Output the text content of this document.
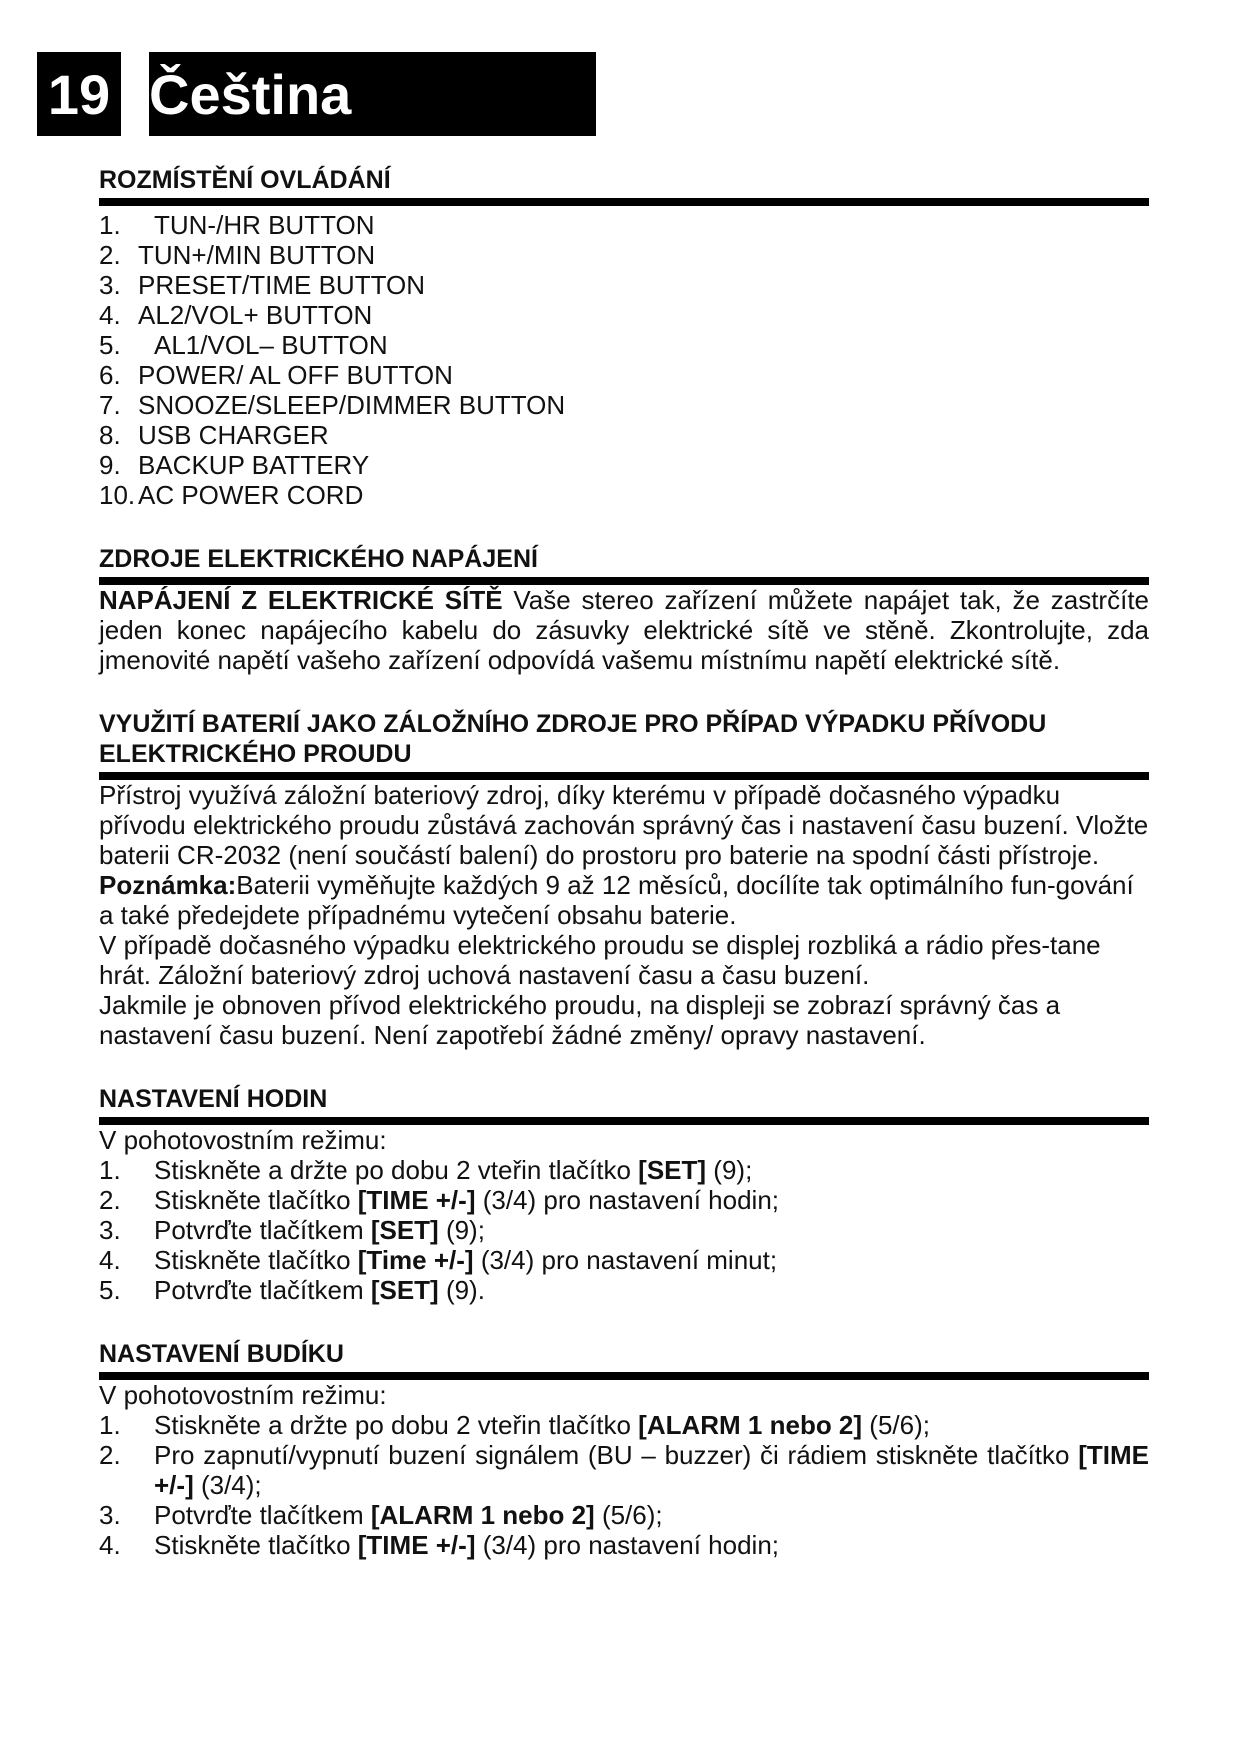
19 Čeština
ROZMÍSTĚNÍ OVLÁDÁNÍ
1.	TUN-/HR BUTTON
2. TUN+/MIN BUTTON
3. PRESET/TIME BUTTON
4. AL2/VOL+ BUTTON
5.	AL1/VOL– BUTTON
6. POWER/ AL OFF BUTTON
7. SNOOZE/SLEEP/DIMMER BUTTON
8. USB CHARGER
9. BACKUP BATTERY
10. AC POWER CORD
ZDROJE ELEKTRICKÉHO NAPÁJENÍ

NAPÁJENÍ Z ELEKTRICKÉ SÍTĚ Vaše stereo zařízení můžete napájet tak, že zastrčíte jeden konec napájecího kabelu do zásuvky elektrické sítě ve stěně. Zkontrolujte, zda jmenovité napětí vašeho zařízení odpovídá vašemu místnímu napětí elektrické sítě.

VYUŽITÍ BATERIÍ JAKO ZÁLOŽNÍHO ZDROJE PRO PŘÍPAD VÝPADKU PŘÍVODU ELEKTRICKÉHO PROUDU

Přístroj využívá záložní bateriový zdroj, díky kterému v případě dočasného výpadku přívodu elektrického proudu zůstává zachován správný čas i nastavení času buzení. Vložte baterii CR-2032 (není součástí balení) do prostoru pro baterie na spodní části přístroje.

Poznámka:Baterii vyměňujte každých 9 až 12 měsíců, docílíte tak optimálního fun-gování a také předejdete případnému vytečení obsahu baterie.

V případě dočasného výpadku elektrického proudu se displej rozbliká a rádio přes-tane hrát. Záložní bateriový zdroj uchová nastavení času a času buzení.

Jakmile je obnoven přívod elektrického proudu, na displeji se zobrazí správný čas a nastavení času buzení. Není zapotřebí žádné změny/ opravy nastavení.

NASTAVENÍ HODIN

V pohotovostním režimu:

1.	Stiskněte a držte po dobu 2 vteřin tlačítko [SET] (9);
2.	Stiskněte tlačítko [TIME +/-] (3/4) pro nastavení hodin;
3.	Potvrďte tlačítkem [SET] (9);
4.	Stiskněte tlačítko [Time +/-] (3/4) pro nastavení minut;
5.	Potvrďte tlačítkem [SET] (9).
NASTAVENÍ BUDÍKU

V pohotovostním režimu:

1.	Stiskněte a držte po dobu 2 vteřin tlačítko [ALARM 1 nebo 2] (5/6);
2.	Pro zapnutí/vypnutí buzení signálem (BU – buzzer) či rádiem stiskněte tlačítko [TIME +/-] (3/4);
3.	Potvrďte tlačítkem [ALARM 1 nebo 2] (5/6);
4.	Stiskněte tlačítko [TIME +/-] (3/4) pro nastavení hodin;
